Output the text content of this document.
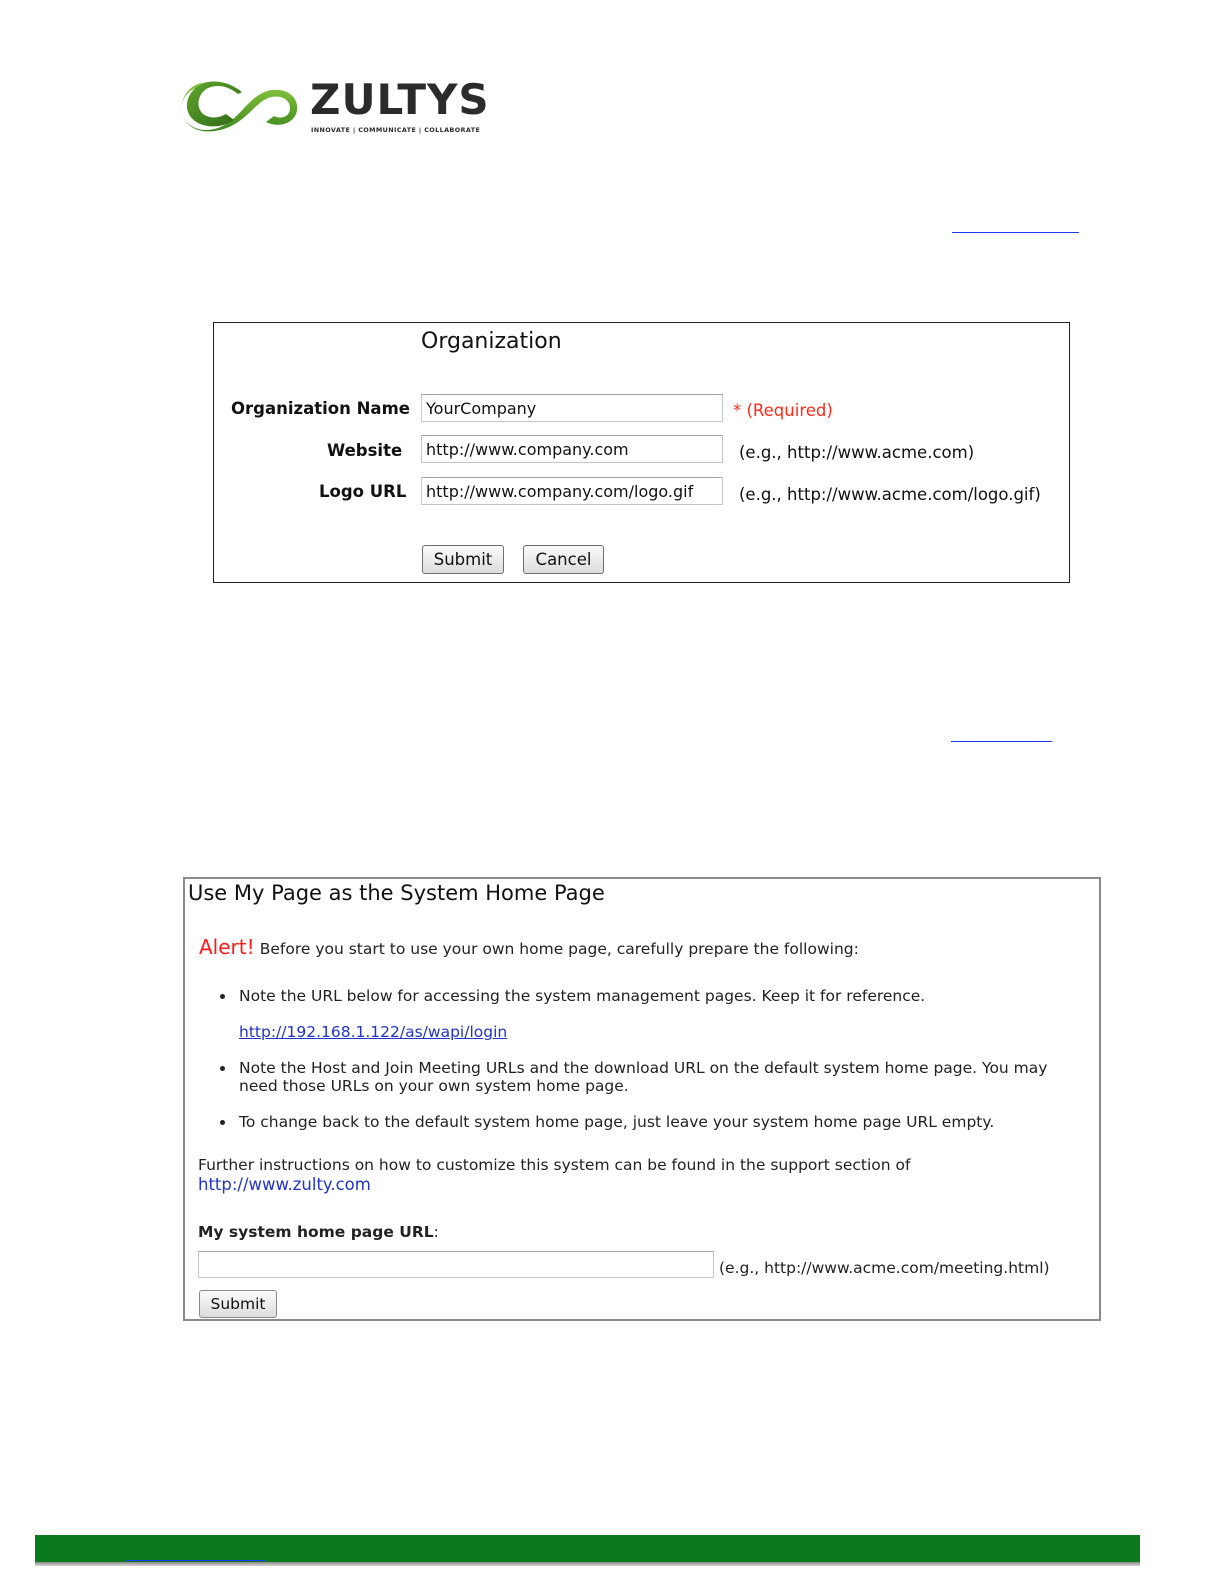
ZULTYS
INNOVATE | COMMUNICATE | COLLABORATE
Organization
Organization Name	YourCompany	* (Required)
Website	http://www.company.com	(e.g., http://www.acme.com)
Logo URL	http://www.company.com/logo.gif	(e.g., http://www.acme.com/logo.gif)
Submit	Cancel
Use My Page as the System Home Page
Alert! Before you start to use your own home page, carefully prepare the following:
Note the URL below for accessing the system management pages. Keep it for reference.
http://192.168.1.122/as/wapi/login
Note the Host and Join Meeting URLs and the download URL on the default system home page. You may
need those URLs on your own system home page.
To change back to the default system home page, just leave your system home page URL empty.
Further instructions on how to customize this system can be found in the support section of
http://www.zulty.com
My system home page URL:
(e.g., http://www.acme.com/meeting.html)
Submit
